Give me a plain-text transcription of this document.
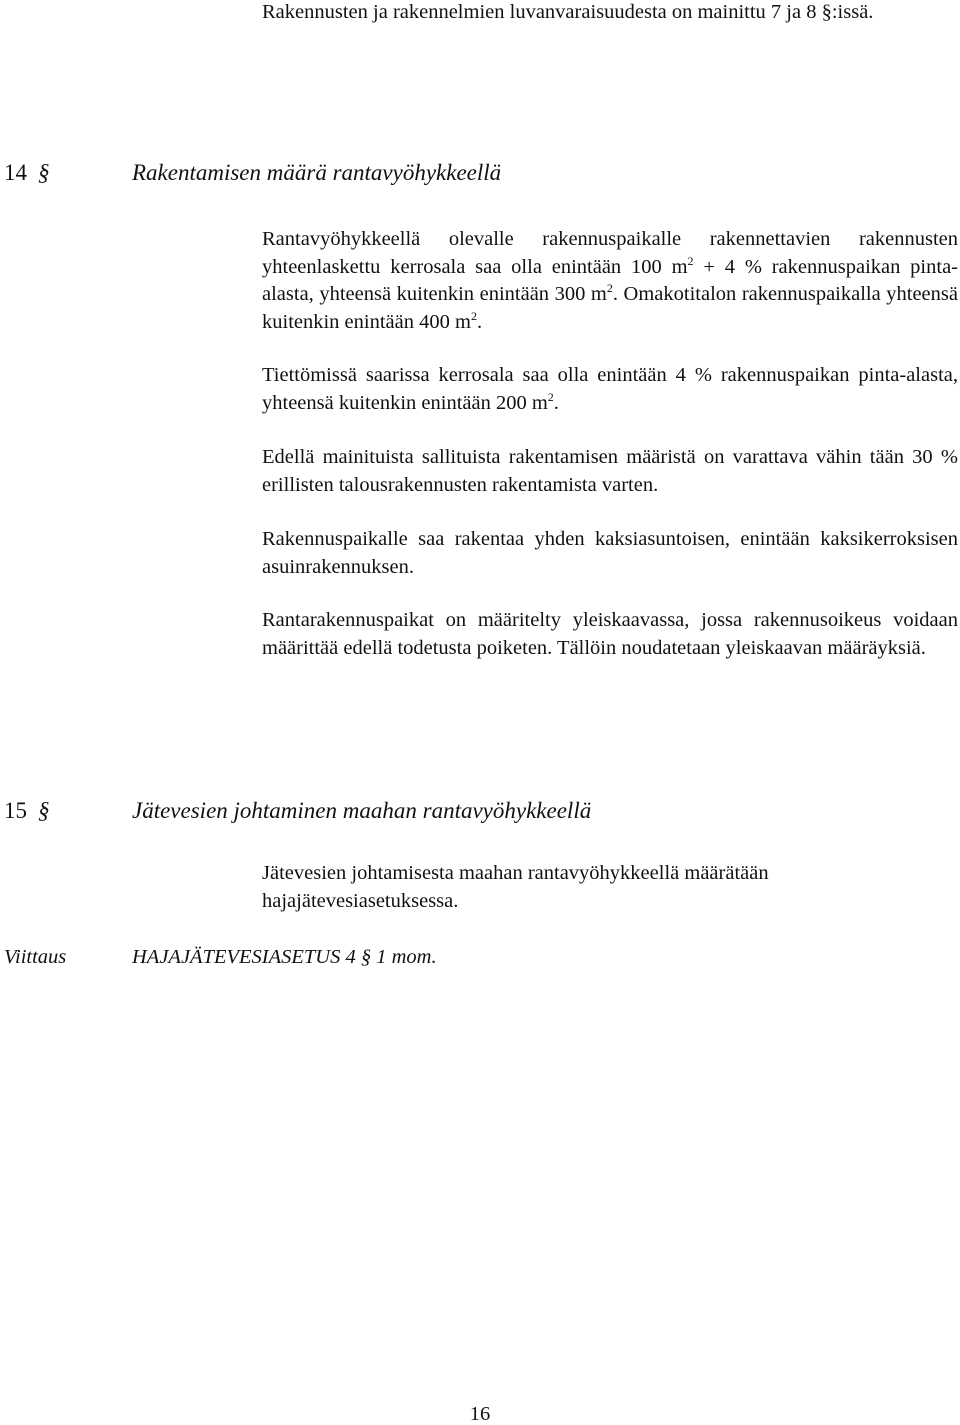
Rakennusten ja rakennelmien luvanvaraisuudesta on mainittu 7 ja 8 §:issä.

14 §	Rakentamisen määrä rantavyöhykkeellä

Rantavyöhykkeellä olevalle rakennuspaikalle rakennettavien rakennusten yhteenlaskettu kerrosala saa olla enintään 100 $m^2 + 4$ % rakennuspaikan pinta-alasta, yhteensä kuitenkin enintään 300 $m^2$. Omakotitalon rakennuspaikalla yhteensä kuitenkin enintään 400 $m^2$.

Tiettömissä saarissa kerrosala saa olla enintään 4 % rakennuspaikan pinta-alasta, yhteensä kuitenkin enintään 200 $m^2$.

Edellä mainituista sallituista rakentamisen määristä on varattava vähin tään 30 % erillisten talousrakennusten rakentamista varten.

Rakennuspaikalle saa rakentaa yhden kaksiasuntoisen, enintään kaksikerroksisen asuinrakennuksen.

Rantarakennuspaikat on määritelty yleiskaavassa, jossa rakennusoikeus voidaan määrittää edellä todetusta poiketen. Tällöin noudatetaan yleiskaavan määräyksiä.

15 §	Jätevesien johtaminen maahan rantavyöhykkeellä

Jätevesien johtamisesta maahan rantavyöhykkeellä määrätään hajajätevesiasetuksessa.

Viittaus	HAJAJÄTEVESIASETUS 4 § 1 mom.
16
